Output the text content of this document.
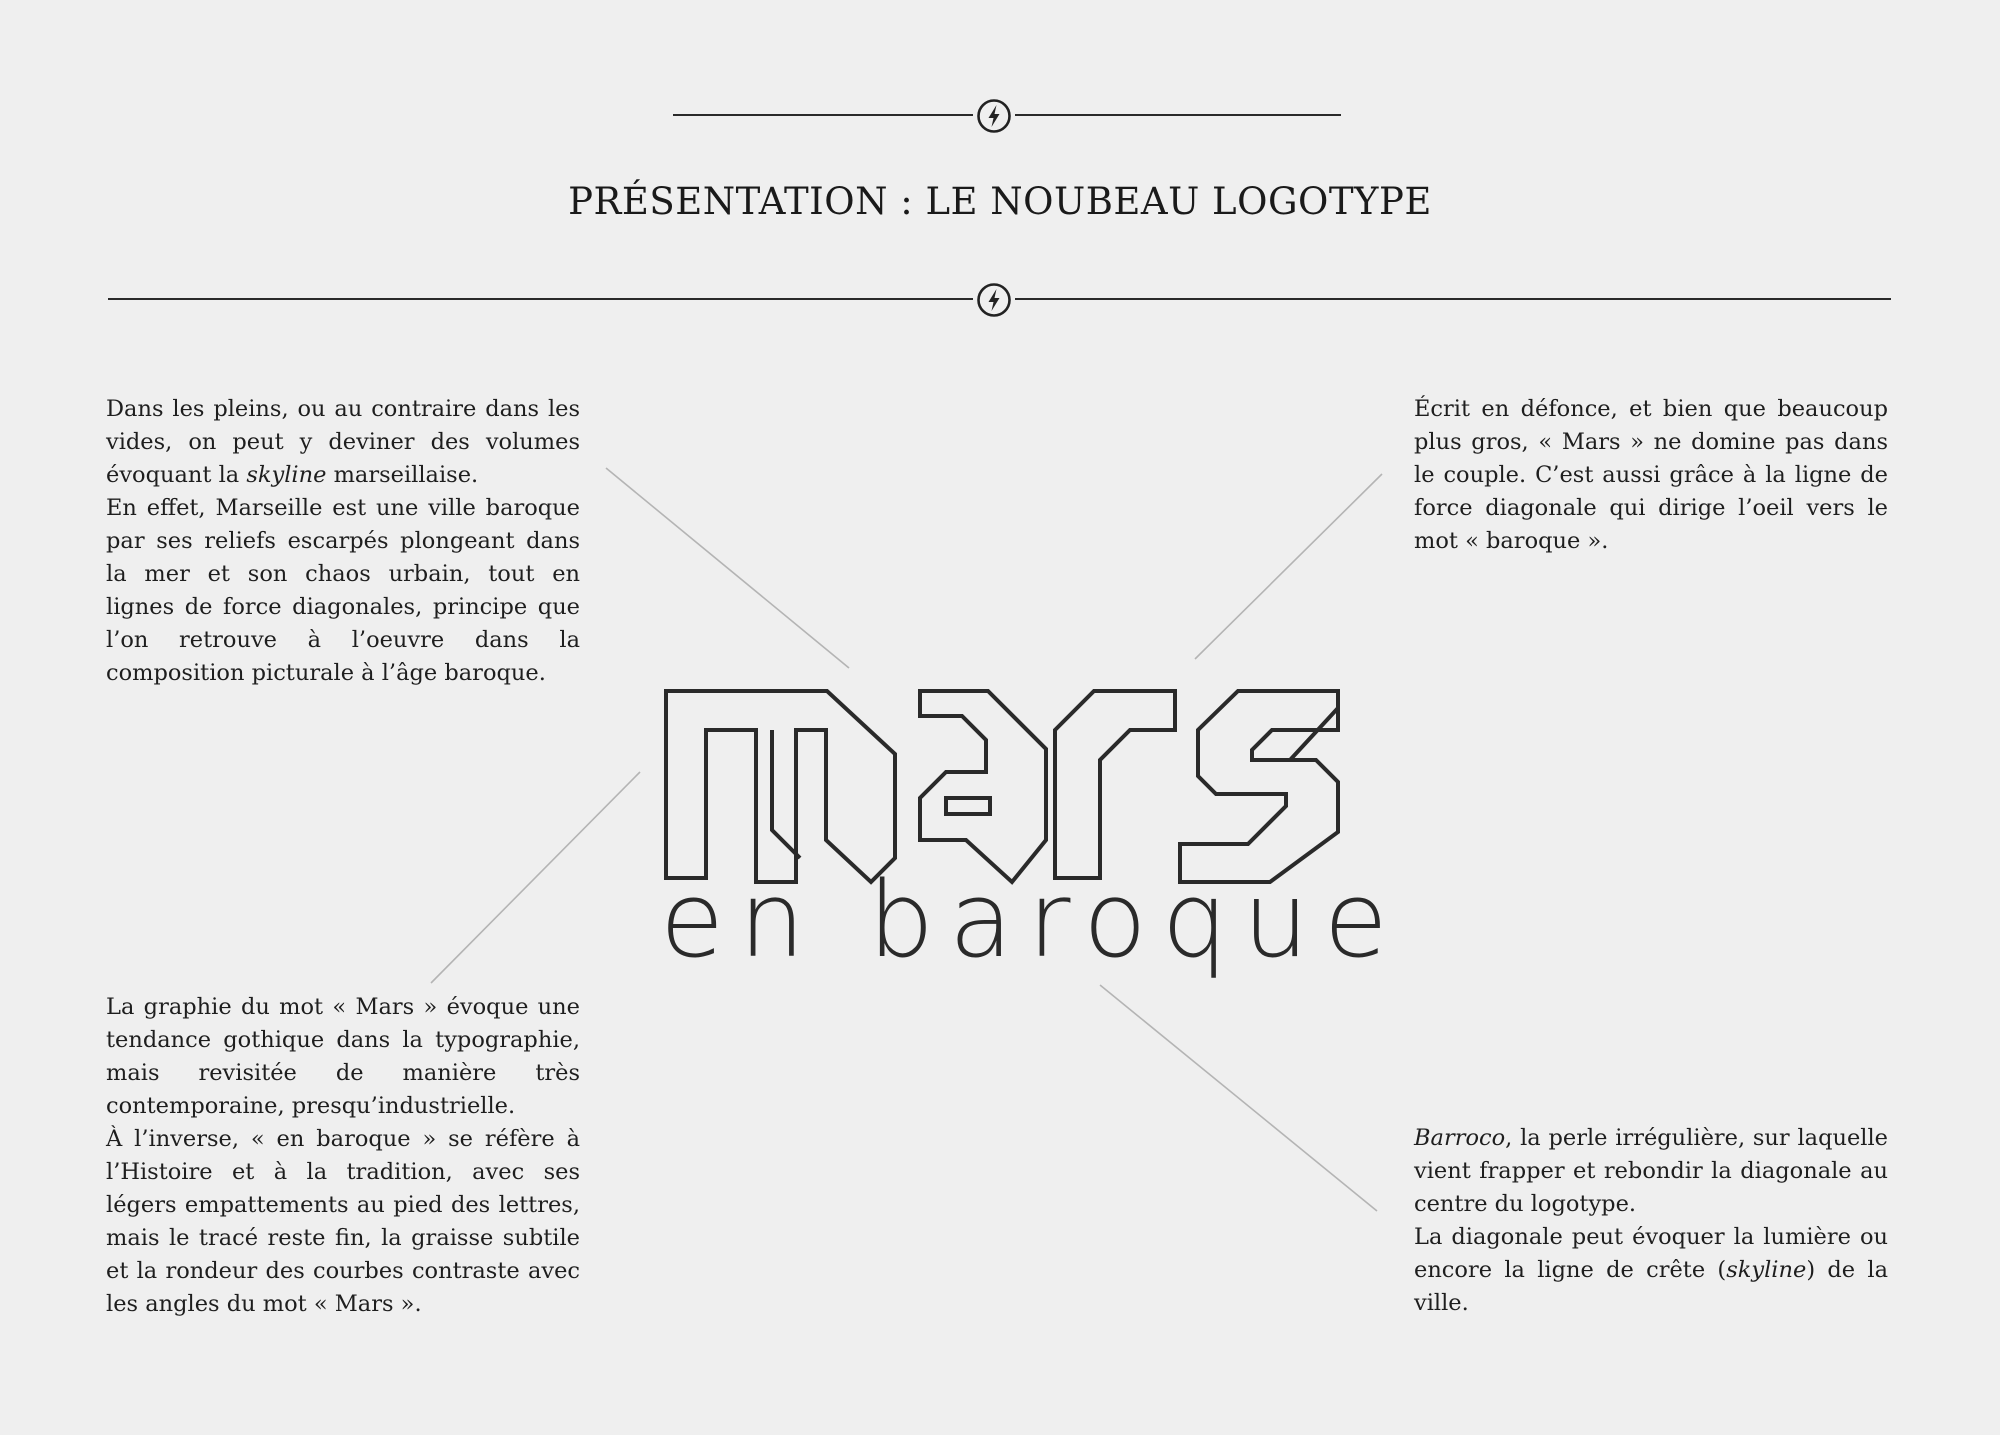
PRÉSENTATION : LE NOUBEAU LOGOTYPE

Dans les pleins, ou au contraire dans les vides, on peut y deviner des volumes évoquant la skyline marseillaise.

En effet, Marseille est une ville baroque par ses reliefs escarpés plongeant dans la mer et son chaos urbain, tout en lignes de force diagonales, principe que l’on retrouve à l’oeuvre dans la composition picturale à l’âge baroque.

Écrit en défonce, et bien que beaucoup plus gros, « Mars » ne domine pas dans le couple. C’est aussi grâce à la ligne de force diagonale qui dirige l’oeil vers le mot « baroque ».

La graphie du mot « Mars » évoque une tendance gothique dans la typographie, mais revisitée de manière très contemporaine, presqu’industrielle.

À l’inverse, « en baroque » se réfère à l’Histoire et à la tradition, avec ses légers empattements au pied des lettres, mais le tracé reste fin, la graisse subtile et la rondeur des courbes contraste avec les angles du mot « Mars ».

Barroco, la perle irrégulière, sur laquelle vient frapper et rebondir la diagonale au centre du logotype.

La diagonale peut évoquer la lumière ou encore la ligne de crête (skyline) de la ville.

en baroque
